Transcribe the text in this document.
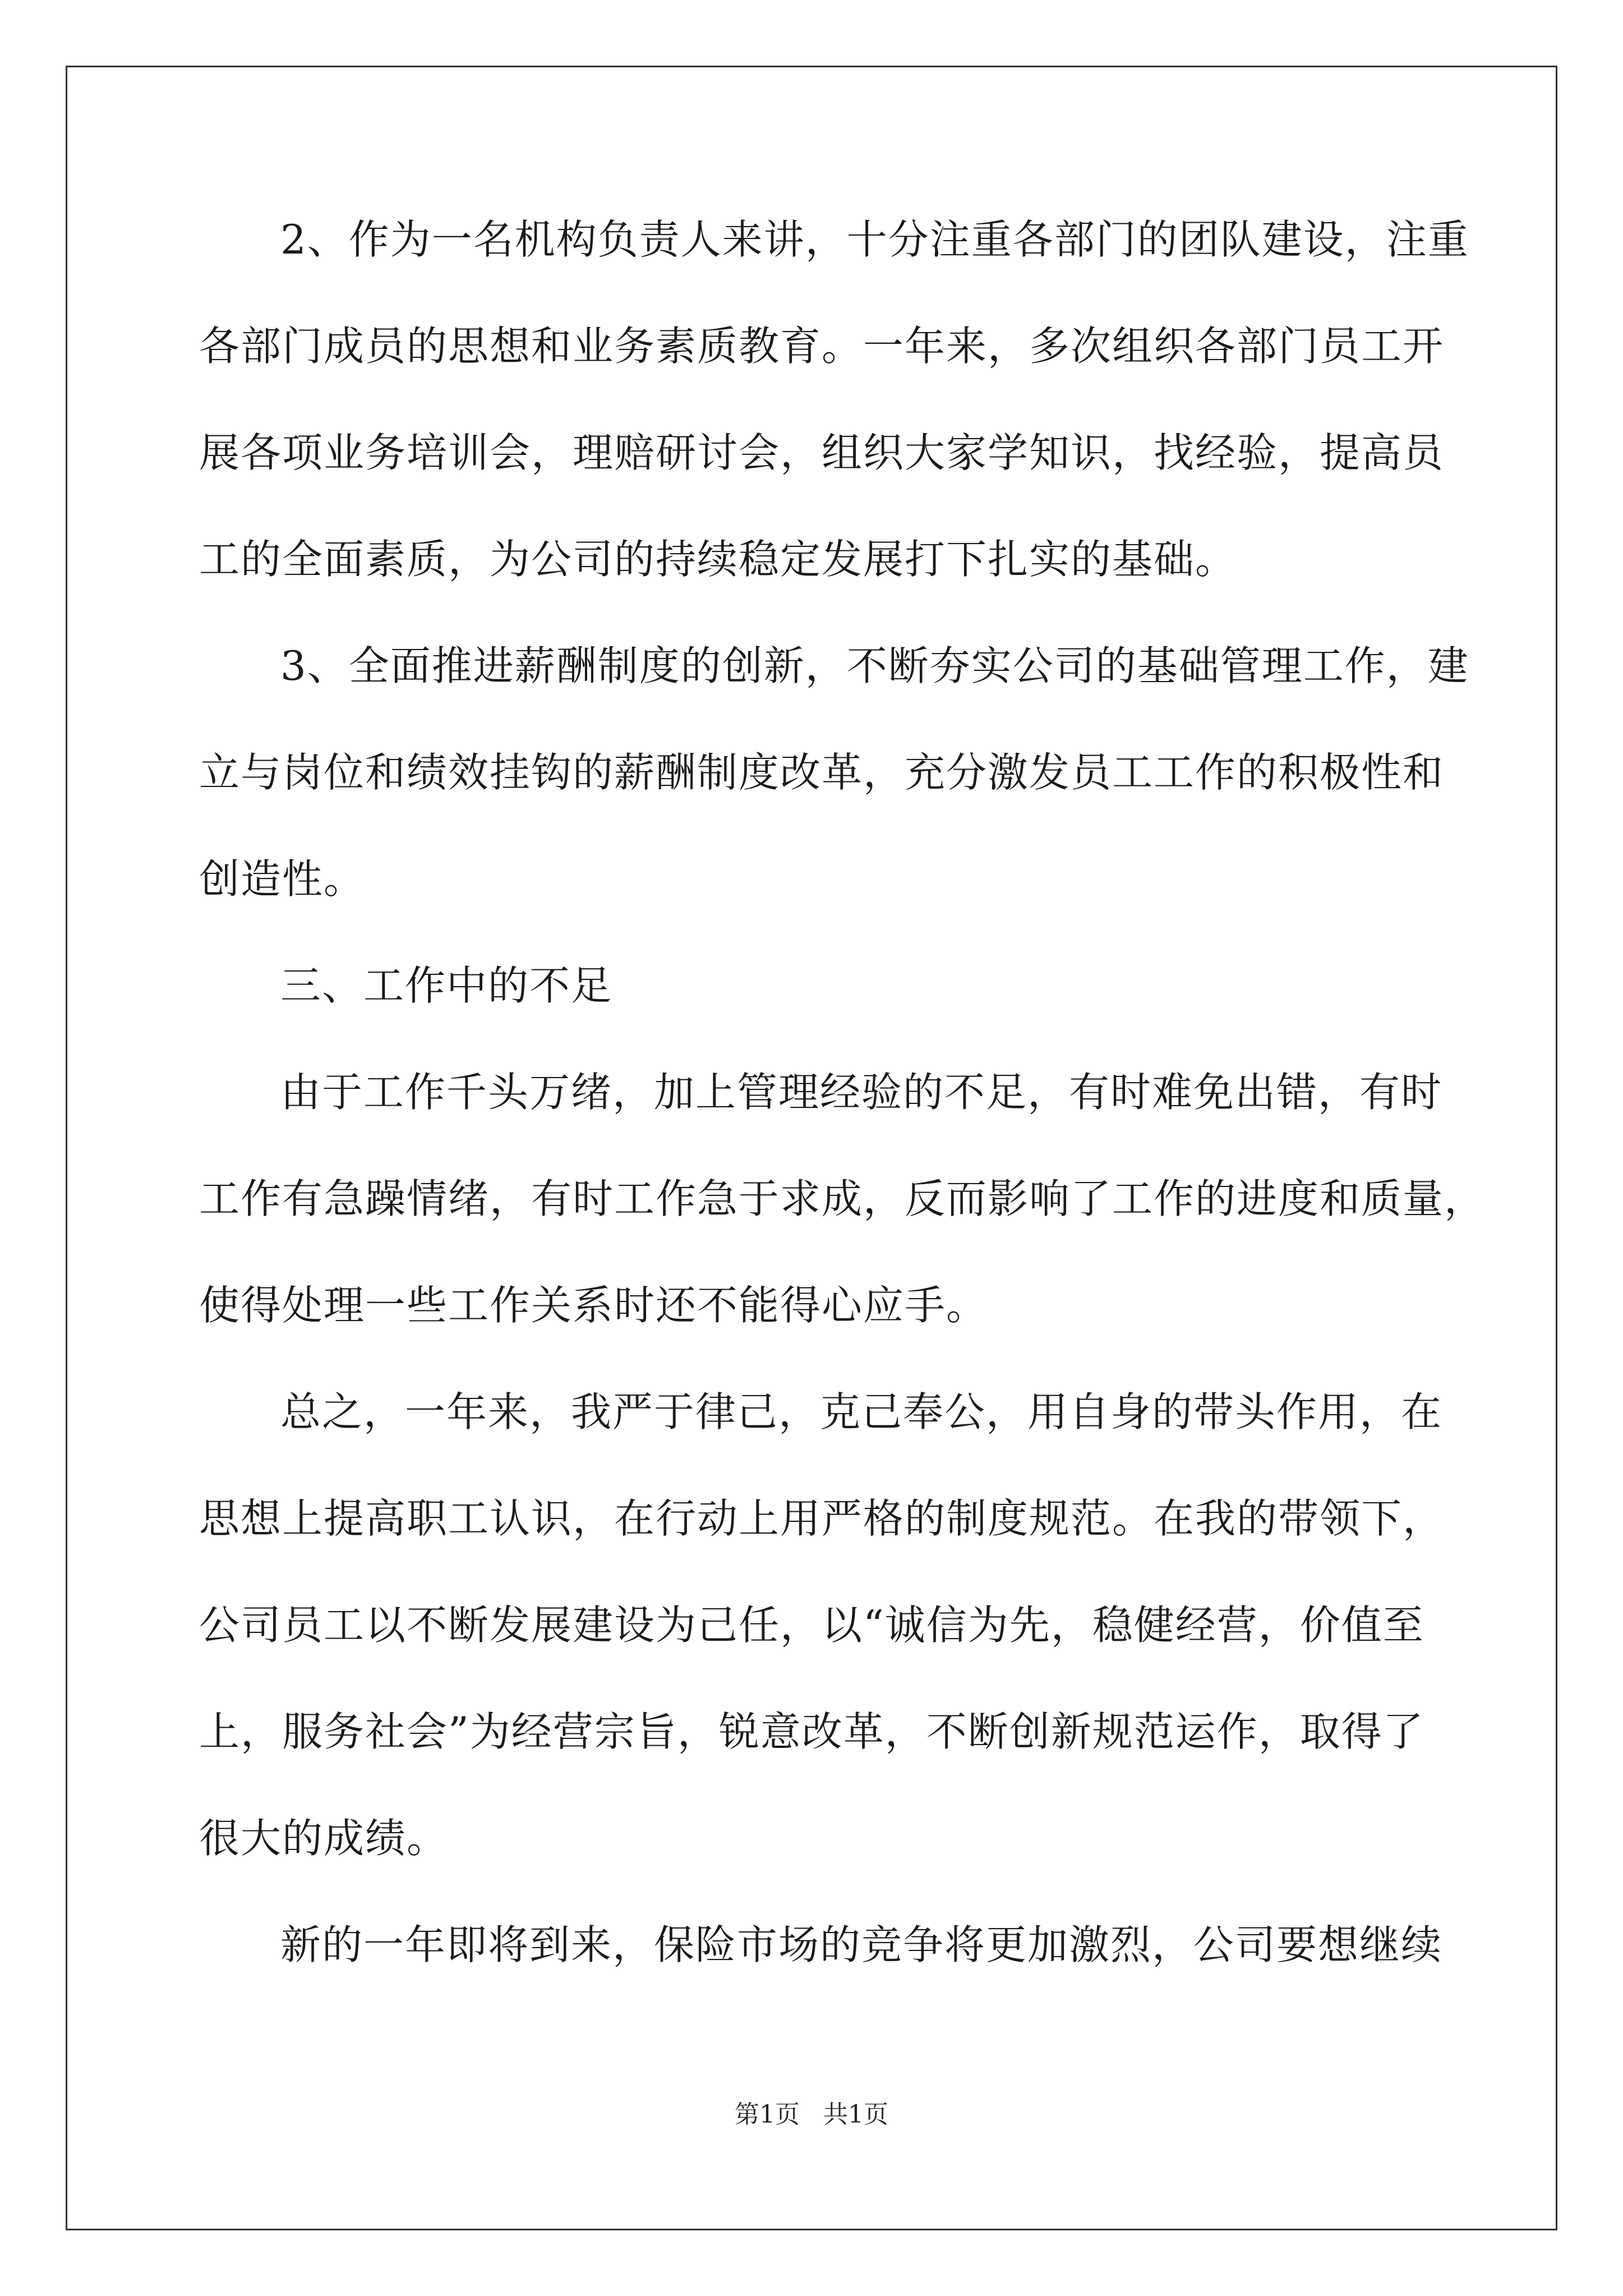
2、作为一名机构负责人来讲，十分注重各部门的团队建设，注重
各部门成员的思想和业务素质教育。一年来，多次组织各部门员工开
展各项业务培训会，理赔研讨会，组织大家学知识，找经验，提高员
工的全面素质，为公司的持续稳定发展打下扎实的基础。
3、全面推进薪酬制度的创新，不断夯实公司的基础管理工作，建
立与岗位和绩效挂钩的薪酬制度改革，充分激发员工工作的积极性和
创造性。
三、工作中的不足
由于工作千头万绪，加上管理经验的不足，有时难免出错，有时
工作有急躁情绪，有时工作急于求成，反而影响了工作的进度和质量，
使得处理一些工作关系时还不能得心应手。
总之，一年来，我严于律己，克己奉公，用自身的带头作用，在
思想上提高职工认识，在行动上用严格的制度规范。在我的带领下，
公司员工以不断发展建设为己任，以“诚信为先，稳健经营，价值至
上，服务社会”为经营宗旨，锐意改革，不断创新规范运作，取得了
很大的成绩。
新的一年即将到来，保险市场的竞争将更加激烈，公司要想继续
第1页 共1页
